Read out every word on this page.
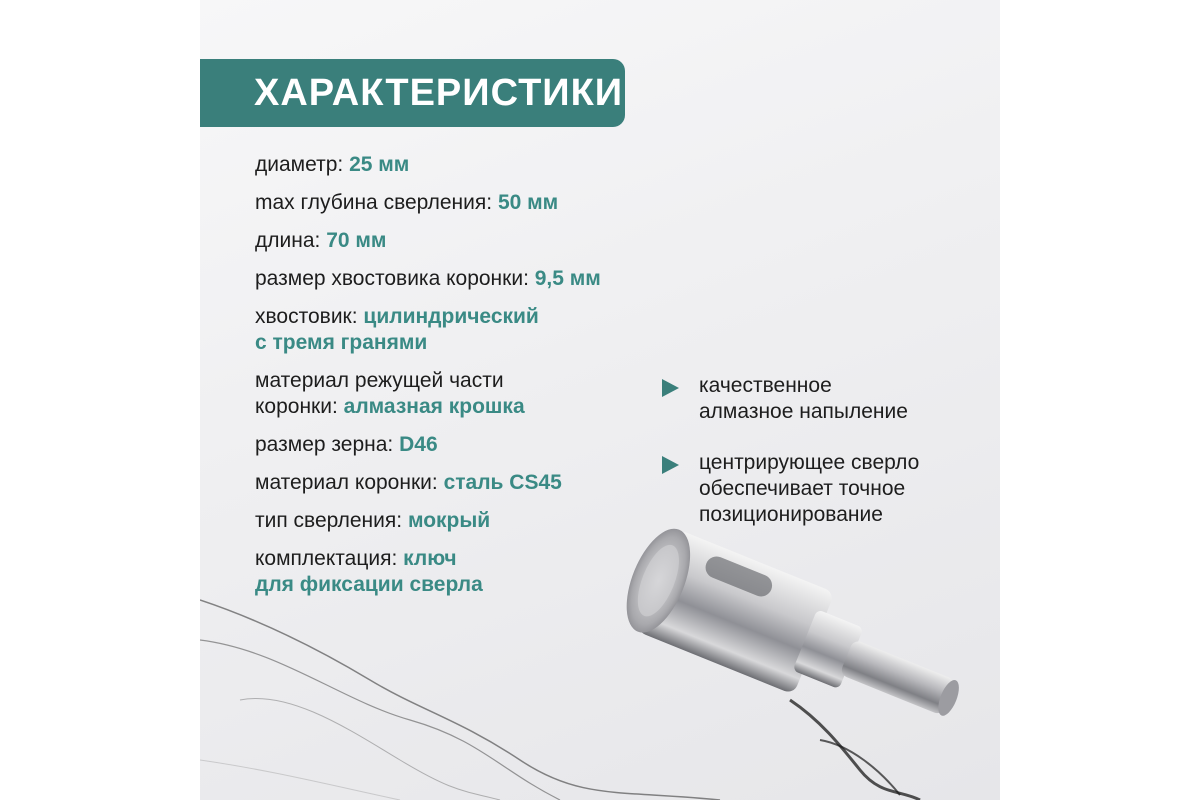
ХАРАКТЕРИСТИКИ
диаметр: 25 мм
max глубина сверления: 50 мм
длина: 70 мм
размер хвостовика коронки: 9,5 мм
хвостовик: цилиндрический
с тремя гранями
материал режущей части
коронки: алмазная крошка
размер зерна: D46
материал коронки: сталь CS45
тип сверления: мокрый
комплектация: ключ
для фиксации сверла
качественное
алмазное напыление
центрирующее сверло
обеспечивает точное
позиционирование
